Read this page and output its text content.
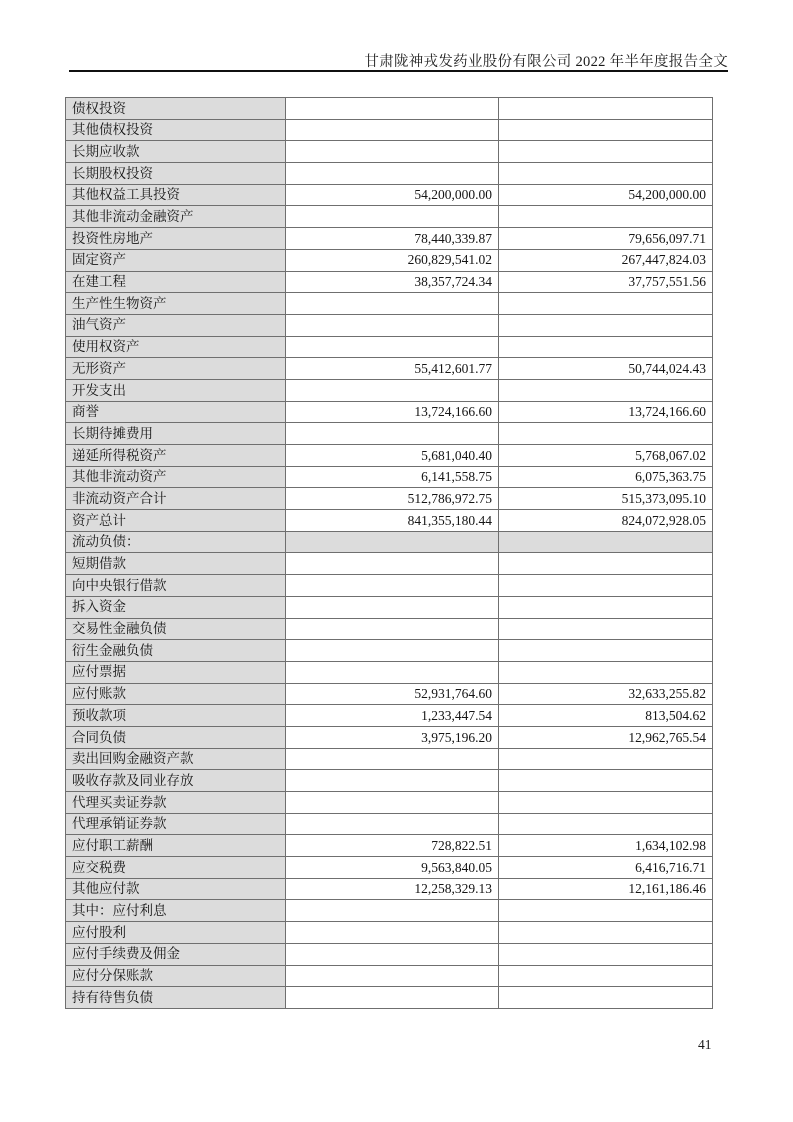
甘肃陇神戎发药业股份有限公司 2022 年半年度报告全文
债权投资		
其他债权投资		
长期应收款		
长期股权投资		
其他权益工具投资	54,200,000.00	54,200,000.00
其他非流动金融资产		
投资性房地产	78,440,339.87	79,656,097.71
固定资产	260,829,541.02	267,447,824.03
在建工程	38,357,724.34	37,757,551.56
生产性生物资产		
油气资产		
使用权资产		
无形资产	55,412,601.77	50,744,024.43
开发支出		
商誉	13,724,166.60	13,724,166.60
长期待摊费用		
递延所得税资产	5,681,040.40	5,768,067.02
其他非流动资产	6,141,558.75	6,075,363.75
非流动资产合计	512,786,972.75	515,373,095.10
资产总计	841,355,180.44	824,072,928.05
流动负债：		
短期借款		
向中央银行借款		
拆入资金		
交易性金融负债		
衍生金融负债		
应付票据		
应付账款	52,931,764.60	32,633,255.82
预收款项	1,233,447.54	813,504.62
合同负债	3,975,196.20	12,962,765.54
卖出回购金融资产款		
吸收存款及同业存放		
代理买卖证券款		
代理承销证券款		
应付职工薪酬	728,822.51	1,634,102.98
应交税费	9,563,840.05	6,416,716.71
其他应付款	12,258,329.13	12,161,186.46
其中：应付利息		
应付股利		
应付手续费及佣金		
应付分保账款		
持有待售负债		
41
